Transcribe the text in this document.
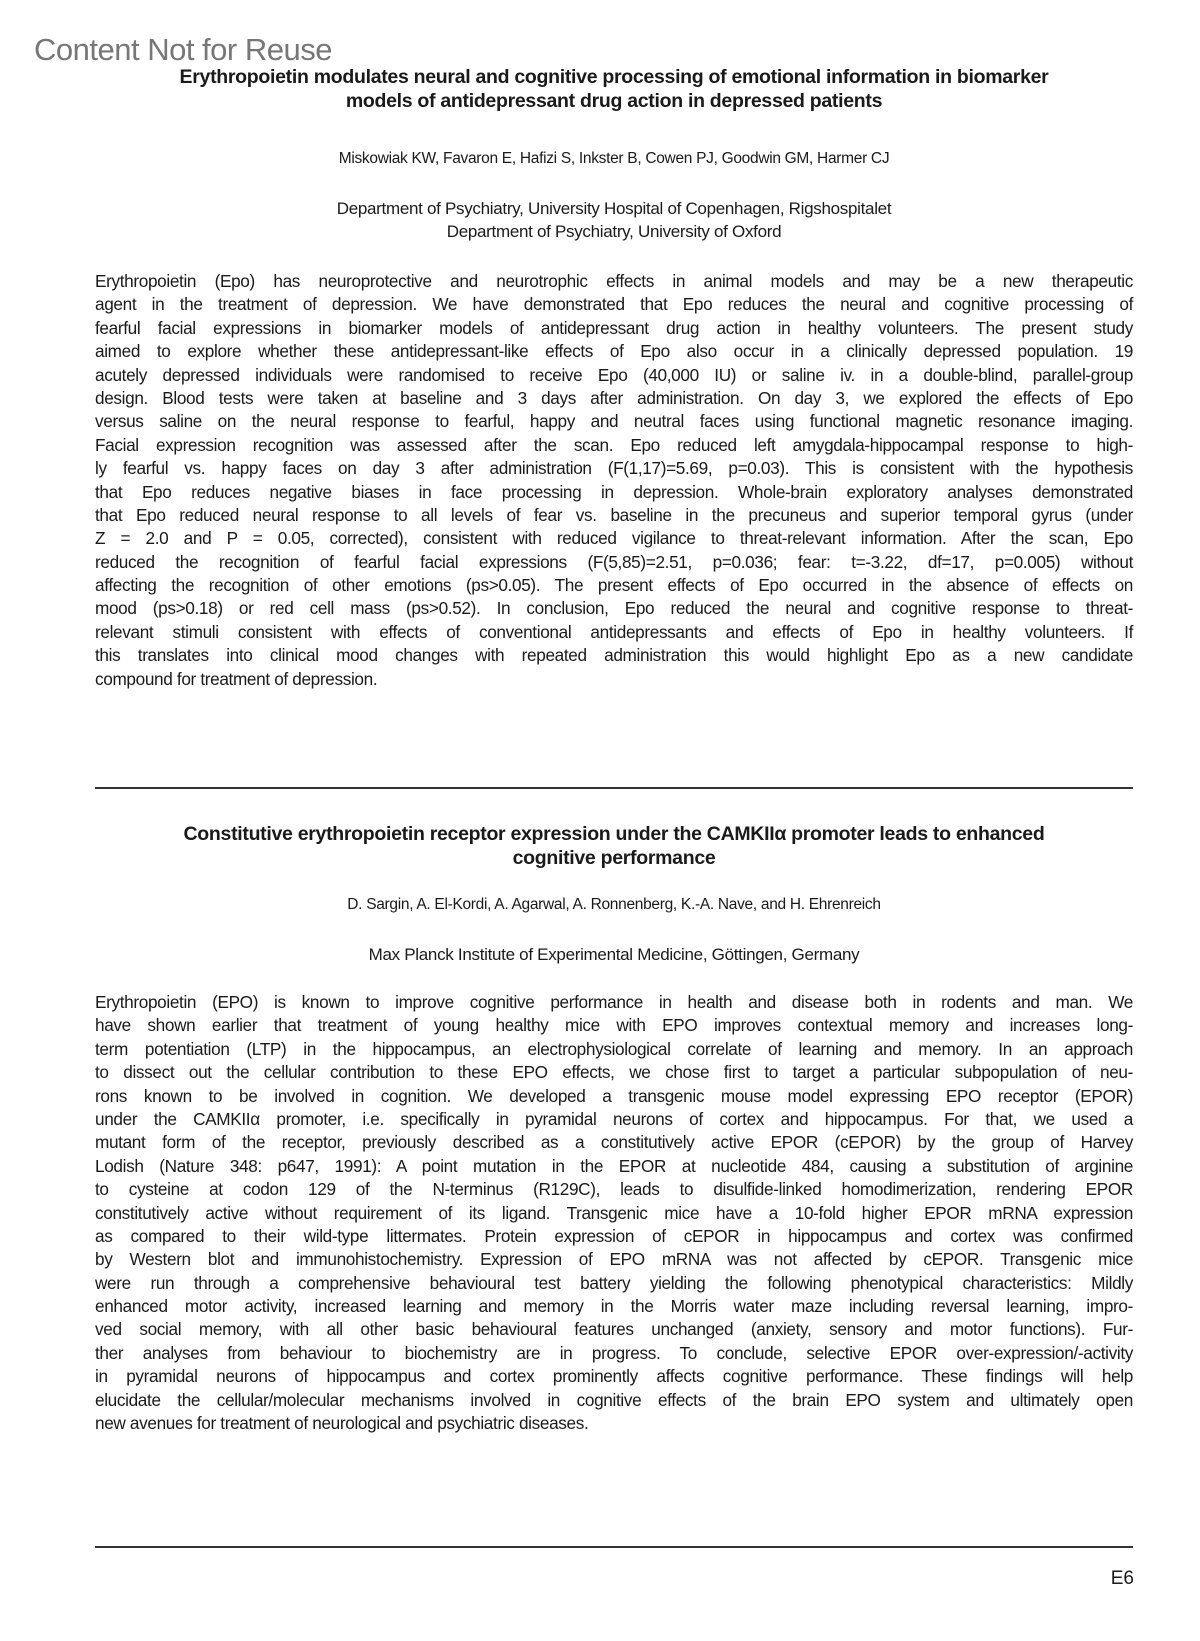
Content Not for Reuse
Erythropoietin modulates neural and cognitive processing of emotional information in biomarker
models of antidepressant drug action in depressed patients
Miskowiak KW, Favaron E, Hafizi S, Inkster B, Cowen PJ, Goodwin GM, Harmer CJ
Department of Psychiatry, University Hospital of Copenhagen, Rigshospitalet
Department of Psychiatry, University of Oxford
Erythropoietin (Epo) has neuroprotective and neurotrophic effects in animal models and may be a new therapeutic
agent in the treatment of depression. We have demonstrated that Epo reduces the neural and cognitive processing of
fearful facial expressions in biomarker models of antidepressant drug action in healthy volunteers. The present study
aimed to explore whether these antidepressant-like effects of Epo also occur in a clinically depressed population. 19
acutely depressed individuals were randomised to receive Epo (40,000 IU) or saline iv. in a double-blind, parallel-group
design. Blood tests were taken at baseline and 3 days after administration. On day 3, we explored the effects of Epo
versus saline on the neural response to fearful, happy and neutral faces using functional magnetic resonance imaging.
Facial expression recognition was assessed after the scan. Epo reduced left amygdala-hippocampal response to high-
ly fearful vs. happy faces on day 3 after administration (F(1,17)=5.69, p=0.03). This is consistent with the hypothesis
that Epo reduces negative biases in face processing in depression. Whole-brain exploratory analyses demonstrated
that Epo reduced neural response to all levels of fear vs. baseline in the precuneus and superior temporal gyrus (under
Z = 2.0 and P = 0.05, corrected), consistent with reduced vigilance to threat-relevant information. After the scan, Epo
reduced the recognition of fearful facial expressions (F(5,85)=2.51, p=0.036; fear: t=-3.22, df=17, p=0.005) without
affecting the recognition of other emotions (ps>0.05). The present effects of Epo occurred in the absence of effects on
mood (ps>0.18) or red cell mass (ps>0.52). In conclusion, Epo reduced the neural and cognitive response to threat-
relevant stimuli consistent with effects of conventional antidepressants and effects of Epo in healthy volunteers. If
this translates into clinical mood changes with repeated administration this would highlight Epo as a new candidate
compound for treatment of depression.
Constitutive erythropoietin receptor expression under the CAMKIIα promoter leads to enhanced
cognitive performance
D. Sargin, A. El-Kordi, A. Agarwal, A. Ronnenberg, K.-A. Nave, and H. Ehrenreich
Max Planck Institute of Experimental Medicine, Göttingen, Germany
Erythropoietin (EPO) is known to improve cognitive performance in health and disease both in rodents and man. We
have shown earlier that treatment of young healthy mice with EPO improves contextual memory and increases long-
term potentiation (LTP) in the hippocampus, an electrophysiological correlate of learning and memory. In an approach
to dissect out the cellular contribution to these EPO effects, we chose first to target a particular subpopulation of neu-
rons known to be involved in cognition. We developed a transgenic mouse model expressing EPO receptor (EPOR)
under the CAMKIIα promoter, i.e. specifically in pyramidal neurons of cortex and hippocampus. For that, we used a
mutant form of the receptor, previously described as a constitutively active EPOR (cEPOR) by the group of Harvey
Lodish (Nature 348: p647, 1991): A point mutation in the EPOR at nucleotide 484, causing a substitution of arginine
to cysteine at codon 129 of the N-terminus (R129C), leads to disulfide-linked homodimerization, rendering EPOR
constitutively active without requirement of its ligand. Transgenic mice have a 10-fold higher EPOR mRNA expression
as compared to their wild-type littermates. Protein expression of cEPOR in hippocampus and cortex was confirmed
by Western blot and immunohistochemistry. Expression of EPO mRNA was not affected by cEPOR. Transgenic mice
were run through a comprehensive behavioural test battery yielding the following phenotypical characteristics: Mildly
enhanced motor activity, increased learning and memory in the Morris water maze including reversal learning, impro-
ved social memory, with all other basic behavioural features unchanged (anxiety, sensory and motor functions). Fur-
ther analyses from behaviour to biochemistry are in progress. To conclude, selective EPOR over-expression/-activity
in pyramidal neurons of hippocampus and cortex prominently affects cognitive performance. These findings will help
elucidate the cellular/molecular mechanisms involved in cognitive effects of the brain EPO system and ultimately open
new avenues for treatment of neurological and psychiatric diseases.
E6
